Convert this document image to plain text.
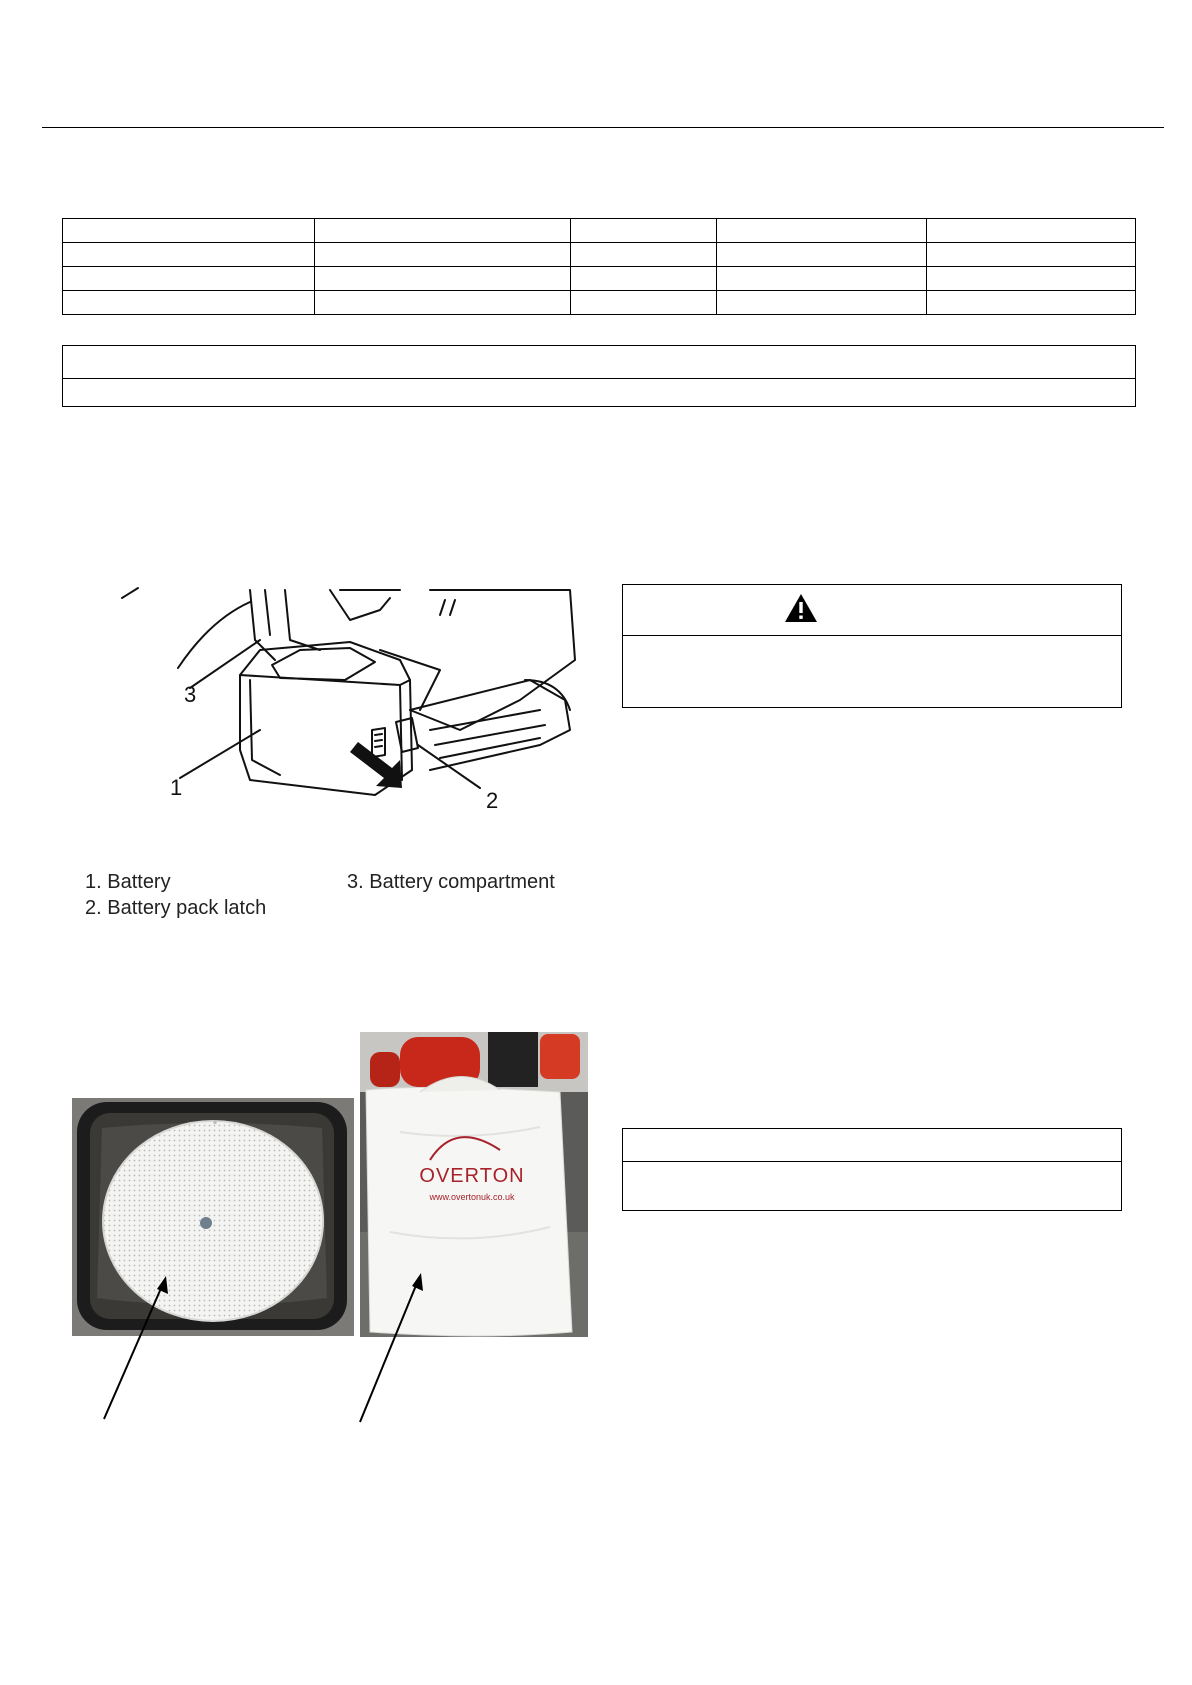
3
1
2
1. Battery
2. Battery pack latch
3. Battery compartment
OVERTON
www.overtonuk.co.uk
